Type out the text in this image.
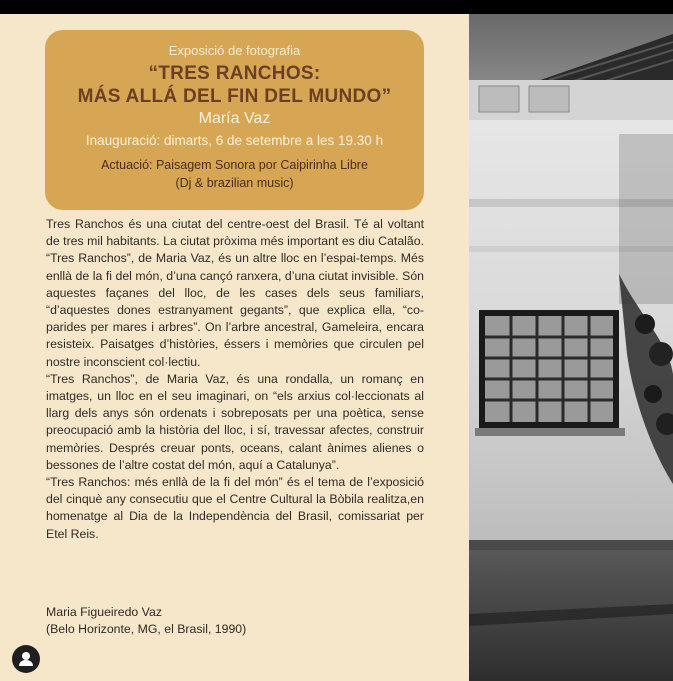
Exposició de fotografia
“TRES RANCHOS:
MÁS ALLÁ DEL FIN DEL MUNDO”
María Vaz
Inauguració: dimarts, 6 de setembre a les 19.30 h
Actuació: Paisagem Sonora por Caipirinha Libre
(Dj & brazilian music)

Tres Ranchos és una ciutat del centre-oest del Brasil. Té al voltant de tres mil habitants. La ciutat pròxima més important es diu Catalão. “Tres Ranchos”, de Maria Vaz, és un altre lloc en l’espai-temps. Més enllà de la fi del món, d’una cançó ranxera, d’una ciutat invisible. Són aquestes façanes del lloc, de les cases dels seus familiars, “d’aquestes dones estranyament gegants”, que explica ella, “co-parides per mares i arbres”. On l’arbre ancestral, Gameleira, encara resisteix. Paisatges d’històries, éssers i memòries que circulen pel nostre inconscient col·lectiu.

“Tres Ranchos”, de Maria Vaz, és una rondalla, un romanç en imatges, un lloc en el seu imaginari, on “els arxius col·leccionats al llarg dels anys són ordenats i sobreposats per una poètica, sense preocupació amb la història del lloc, i sí, travessar afectes, construir memòries. Després creuar ponts, oceans, calant ànimes alienes o bessones de l’altre costat del món, aquí a Catalunya”.

“Tres Ranchos: més enllà de la fi del món” és el tema de l’exposició del cinquè any consecutiu que el Centre Cultural la Bòbila realitza,en homenatge al Dia de la Independència del Brasil, comissariat per Etel Reis.

Maria Figueiredo Vaz
(Belo Horizonte, MG, el Brasil, 1990)
